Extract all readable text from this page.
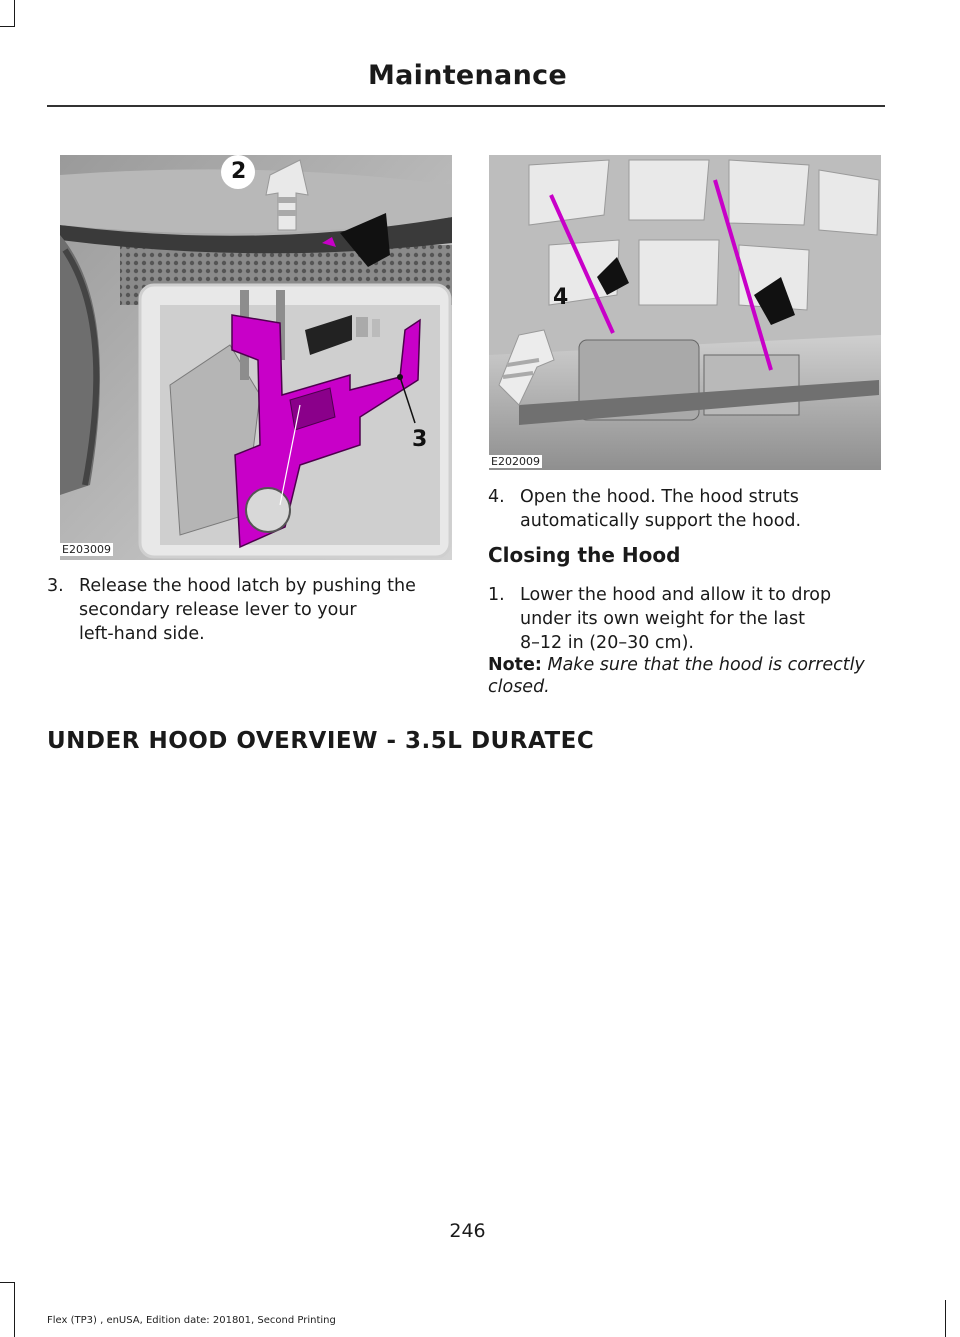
Maintenance
2
3
E203009
4
E202009
3. Release the hood latch by pushing the
secondary release lever to your
left-hand side.
4. Open the hood. The hood struts
automatically support the hood.
Closing the Hood
1. Lower the hood and allow it to drop
under its own weight for the last
8–12 in (20–30 cm).
Note: Make sure that the hood is correctly
closed.
UNDER HOOD OVERVIEW - 3.5L DURATEC
246
Flex (TP3) , enUSA, Edition date: 201801, Second Printing
